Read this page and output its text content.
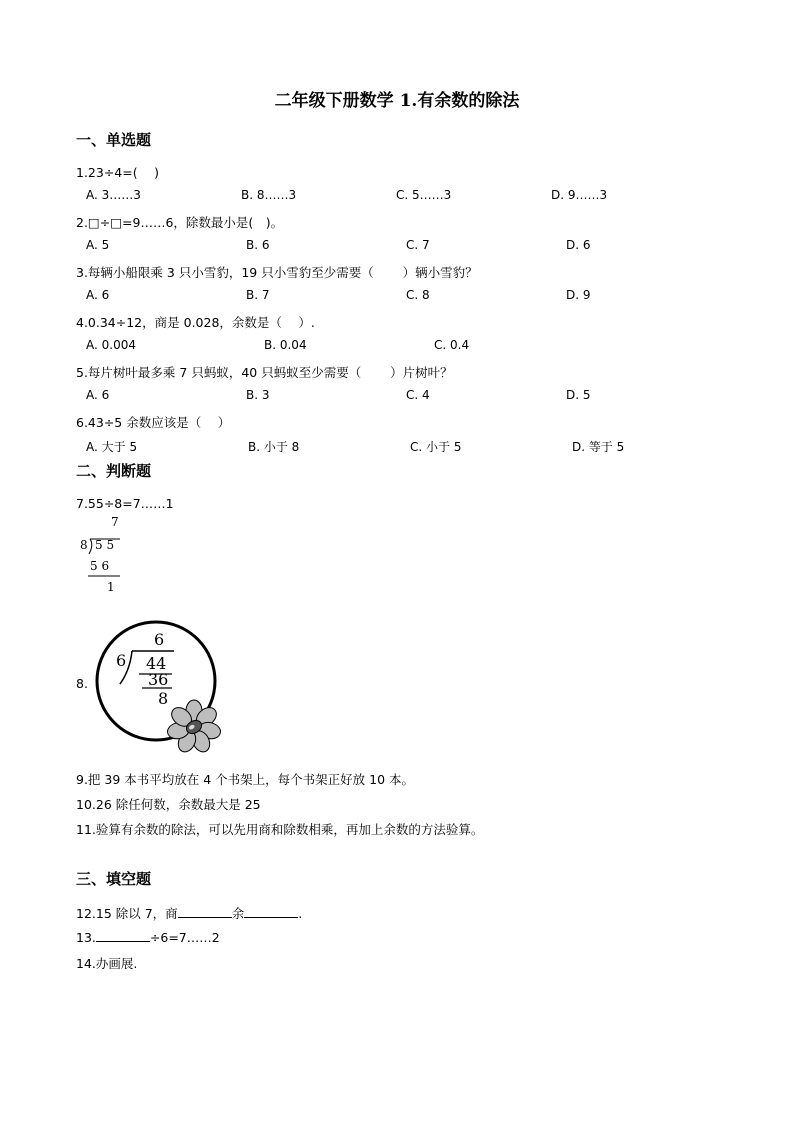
二年级下册数学 1.有余数的除法
一、单选题
1.23÷4=(　 )
A. 3……3	B. 8……3	C. 5……3	D. 9……3
2.□÷□=9……6，除数最小是(　)。
A. 5	B. 6	C. 7	D. 6
3.每辆小船限乘 3 只小雪豹，19 只小雪豹至少需要（　　 ）辆小雪豹？
A. 6	B. 7	C. 8	D. 9
4.0.34÷12，商是 0.028，余数是（　 ）.
A. 0.004	B. 0.04	C. 0.4
5.每片树叶最多乘 7 只蚂蚁，40 只蚂蚁至少需要（　　 ）片树叶？
A. 6	B. 3	C. 4	D. 5
6.43÷5 余数应该是（　 ）
A. 大于 5	B. 小于 8	C. 小于 5	D. 等于 5
二、判断题
7.55÷8=7……1
7
8 5 5
5 6
1
8.
6
6 44
36
8
9.把 39 本书平均放在 4 个书架上，每个书架正好放 10 本。
10.26 除任何数，余数最大是 25
11.验算有余数的除法，可以先用商和除数相乘，再加上余数的方法验算。
三、填空题
12.15 除以 7，商	余	.
13.	÷6=7……2
14.办画展.
